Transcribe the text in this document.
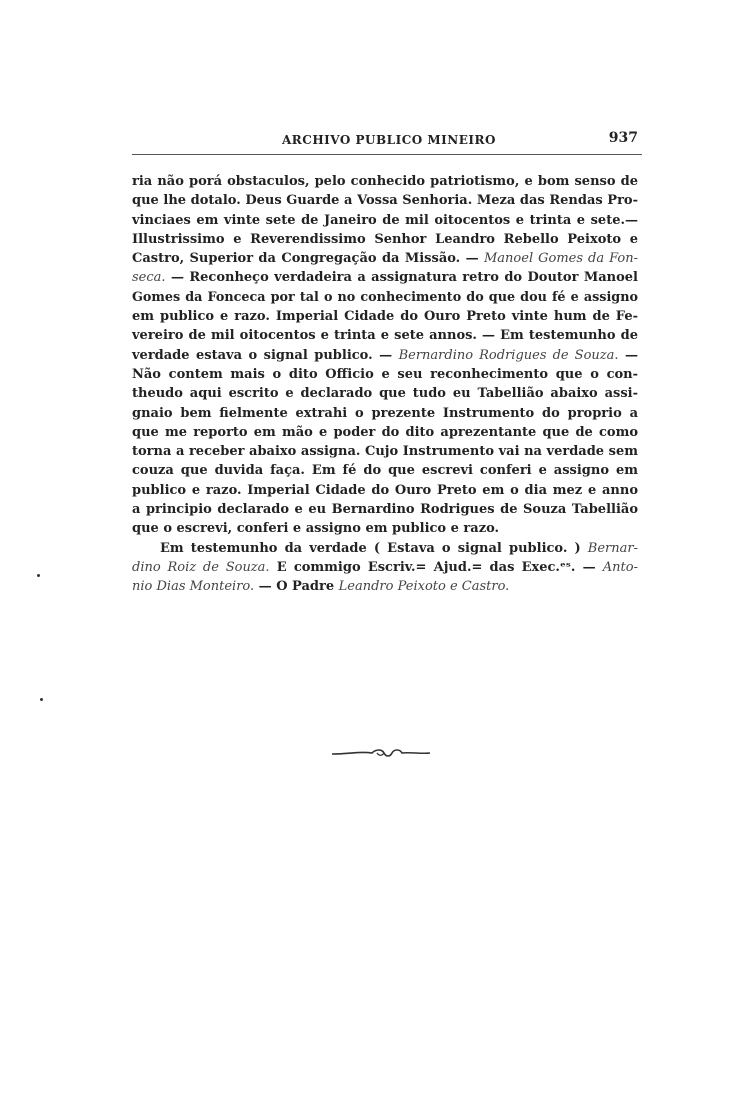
ARCHIVO PUBLICO MINEIRO	937
ria não porá obstaculos, pelo conhecido patriotismo, e bom senso de
que lhe dotalo. Deus Guarde a Vossa Senhoria. Meza das Rendas Pro-
vinciaes em vinte sete de Janeiro de mil oitocentos e trinta e sete.—
Illustrissimo e Reverendissimo Senhor Leandro Rebello Peixoto e
Castro, Superior da Congregação da Missão. — Manoel Gomes da Fon-
seca. — Reconheço verdadeira a assignatura retro do Doutor Manoel
Gomes da Fonceca por tal o no conhecimento do que dou fé e assigno
em publico e razo. Imperial Cidade do Ouro Preto vinte hum de Fe-
vereiro de mil oitocentos e trinta e sete annos. — Em testemunho de
verdade estava o signal publico. — Bernardino Rodrigues de Souza. —
Não contem mais o dito Officio e seu reconhecimento que o con-
theudo aqui escrito e declarado que tudo eu Tabellião abaixo assi-
gnaio bem fielmente extrahi o prezente Instrumento do proprio a
que me reporto em mão e poder do dito aprezentante que de como
torna a receber abaixo assigna. Cujo Instrumento vai na verdade sem
couza que duvida faça. Em fé do que escrevi conferi e assigno em
publico e razo. Imperial Cidade do Ouro Preto em o dia mez e anno
a principio declarado e eu Bernardino Rodrigues de Souza Tabellião
que o escrevi, conferi e assigno em publico e razo.
Em testemunho da verdade ( Estava o signal publico. ) Bernar-
dino Roiz de Souza. E commigo Escriv.= Ajud.= das Exec.ᵉˢ. — Anto-
nio Dias Monteiro. — O Padre Leandro Peixoto e Castro.
